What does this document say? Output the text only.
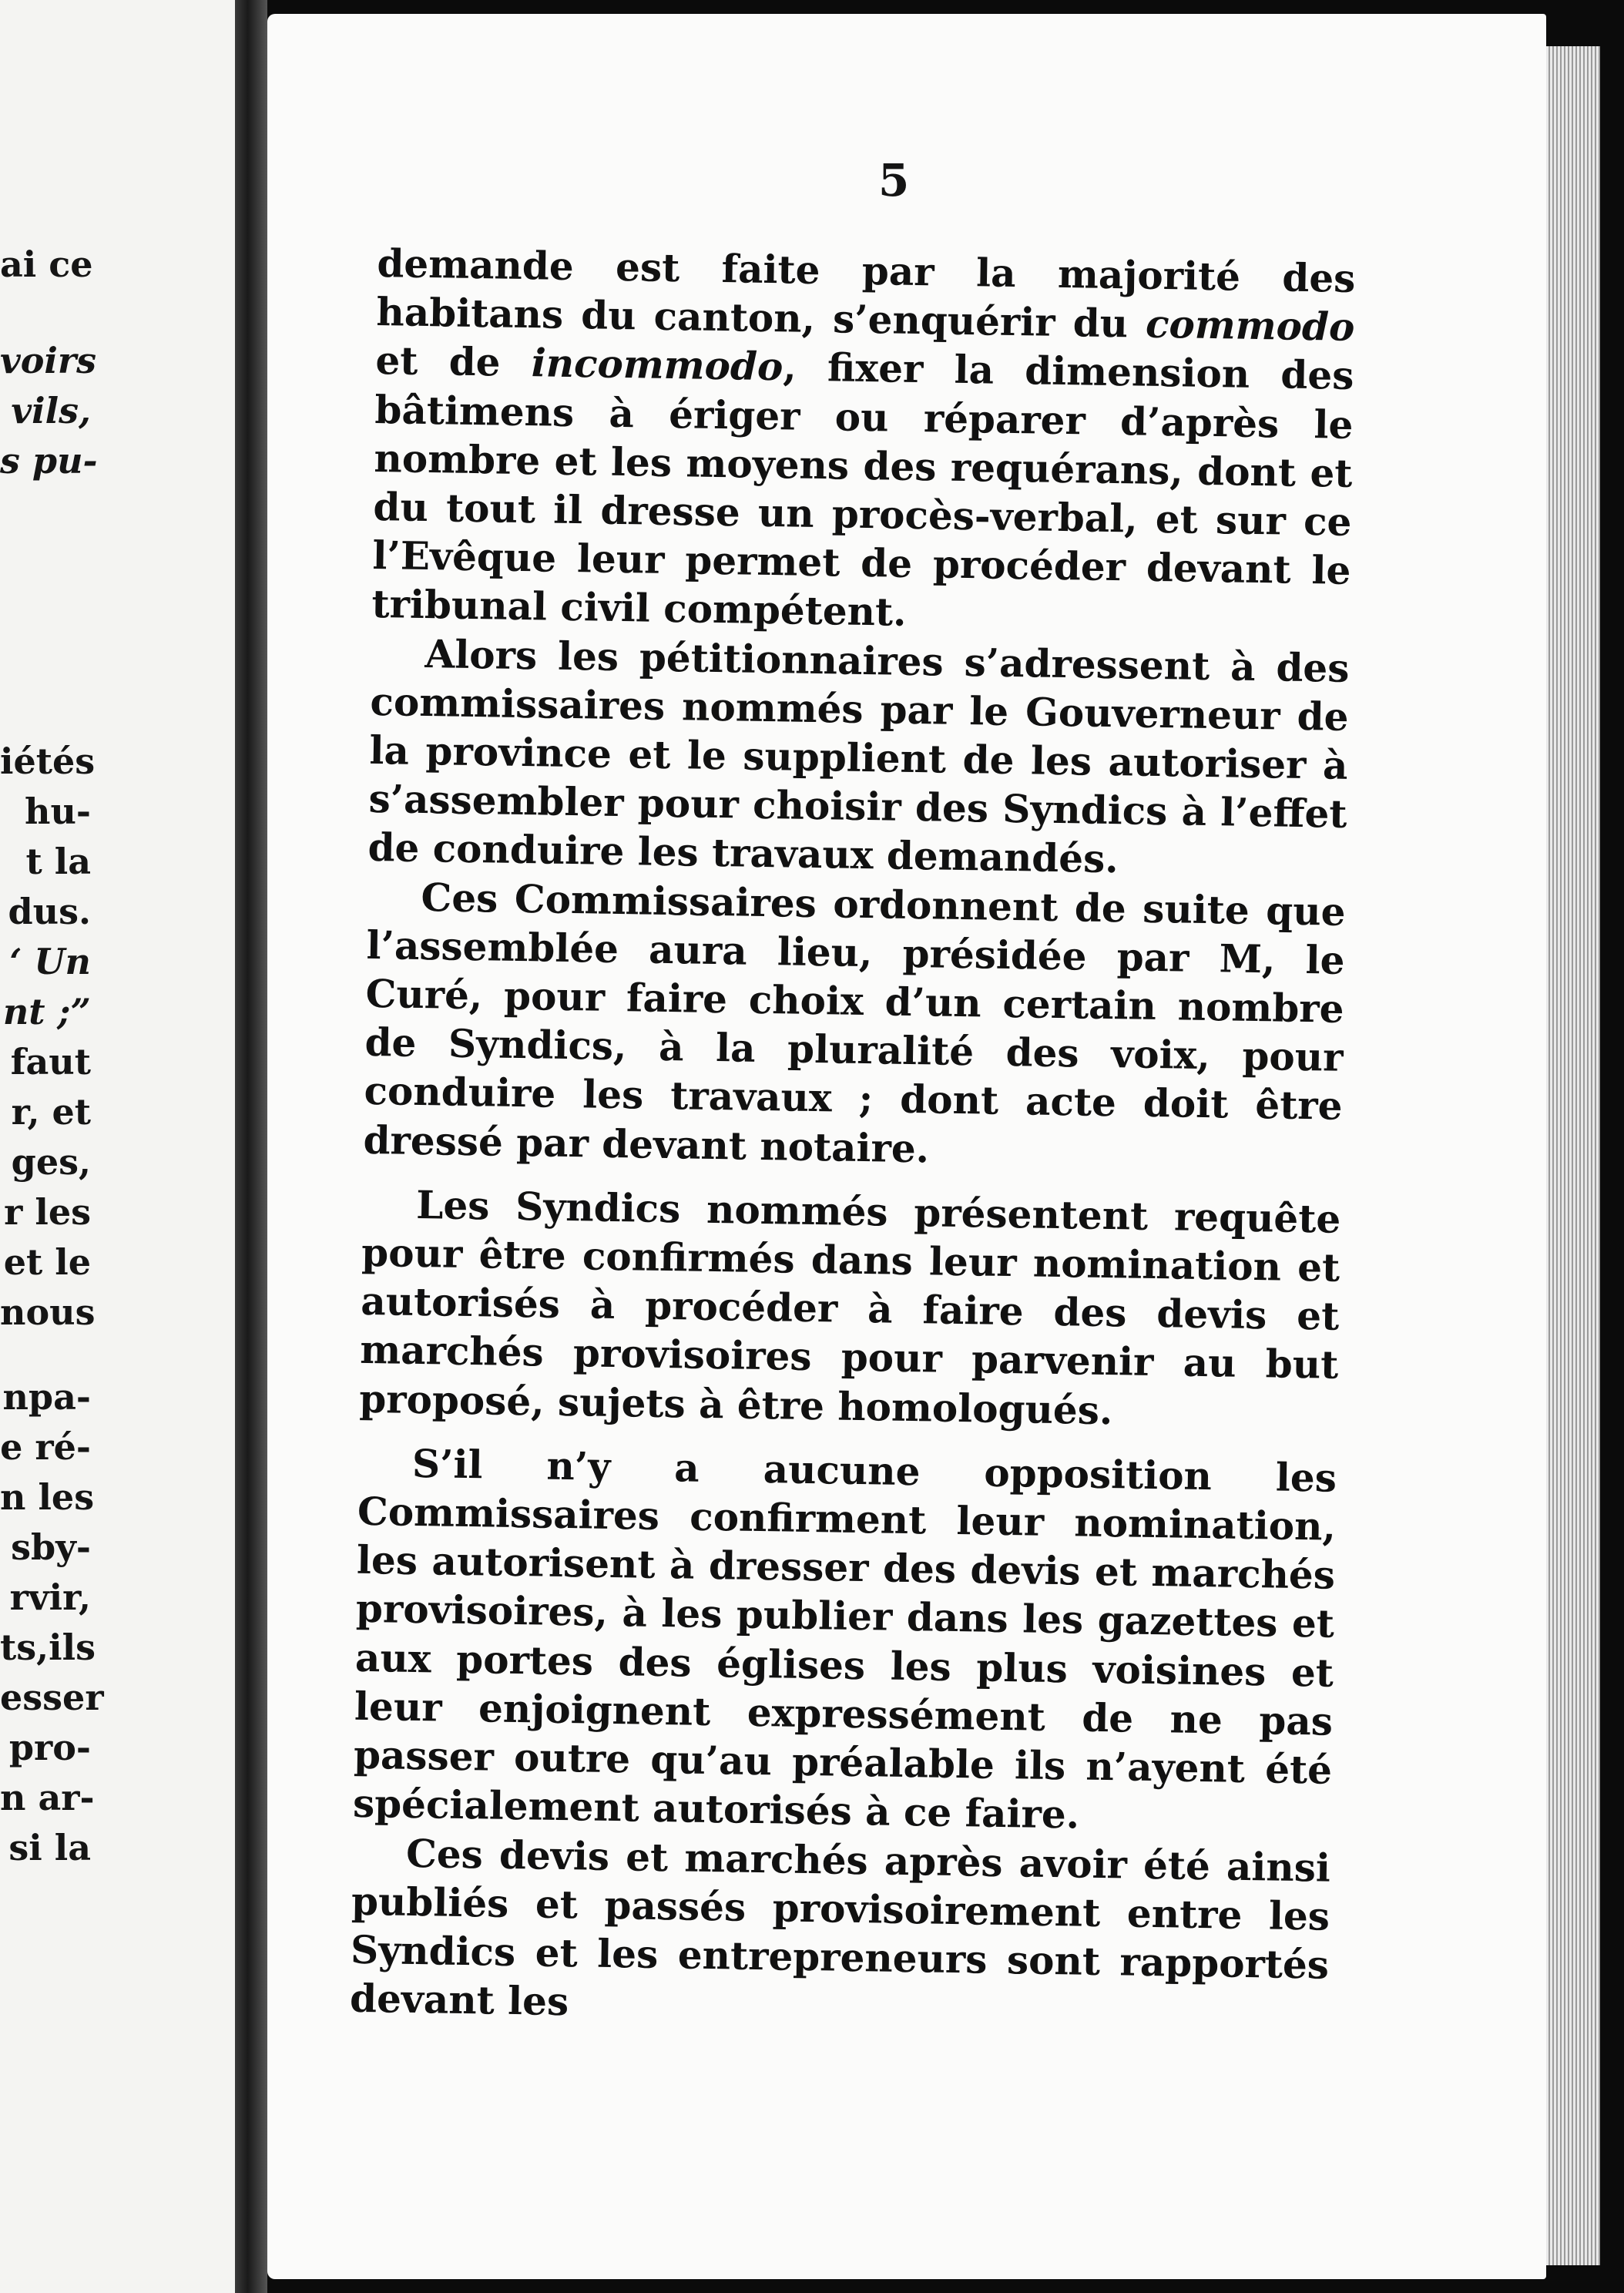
ai ce
voirs
vils,
s pu-
iétés
hu-
t la
dus.
‘ Un
nt ;”
faut
r, et
ges,
r les
et le
nous
npa-
e ré-
n les
sby-
rvir,
ts,ils
esser
pro-
n ar-
si la
5

demande est faite par la majorité des habitans du canton, s’enquérir du commodo et de incommodo, fixer la dimension des bâtimens à ériger ou réparer d’après le nombre et les moyens des requérans, dont et du tout il dresse un procès-verbal, et sur ce l’Evêque leur permet de procéder devant le tribunal civil compétent.

Alors les pétitionnaires s’adressent à des commissaires nommés par le Gouverneur de la province et le supplient de les autoriser à s’assembler pour choisir des Syndics à l’effet de conduire les travaux demandés.

Ces Commissaires ordonnent de suite que l’assemblée aura lieu, présidée par M, le Curé, pour faire choix d’un certain nombre de Syndics, à la pluralité des voix, pour conduire les travaux ; dont acte doit être dressé par devant notaire.

Les Syndics nommés présentent requête pour être confirmés dans leur nomination et autorisés à procéder à faire des devis et marchés provisoires pour parvenir au but proposé, sujets à être homologués.

S’il n’y a aucune opposition les Commissaires confirment leur nomination, les autorisent à dresser des devis et marchés provisoires, à les publier dans les gazettes et aux portes des églises les plus voisines et leur enjoignent expressément de ne pas passer outre qu’au préalable ils n’ayent été spécialement autorisés à ce faire.

Ces devis et marchés après avoir été ainsi publiés et passés provisoirement entre les Syndics et les entrepreneurs sont rapportés devant les
